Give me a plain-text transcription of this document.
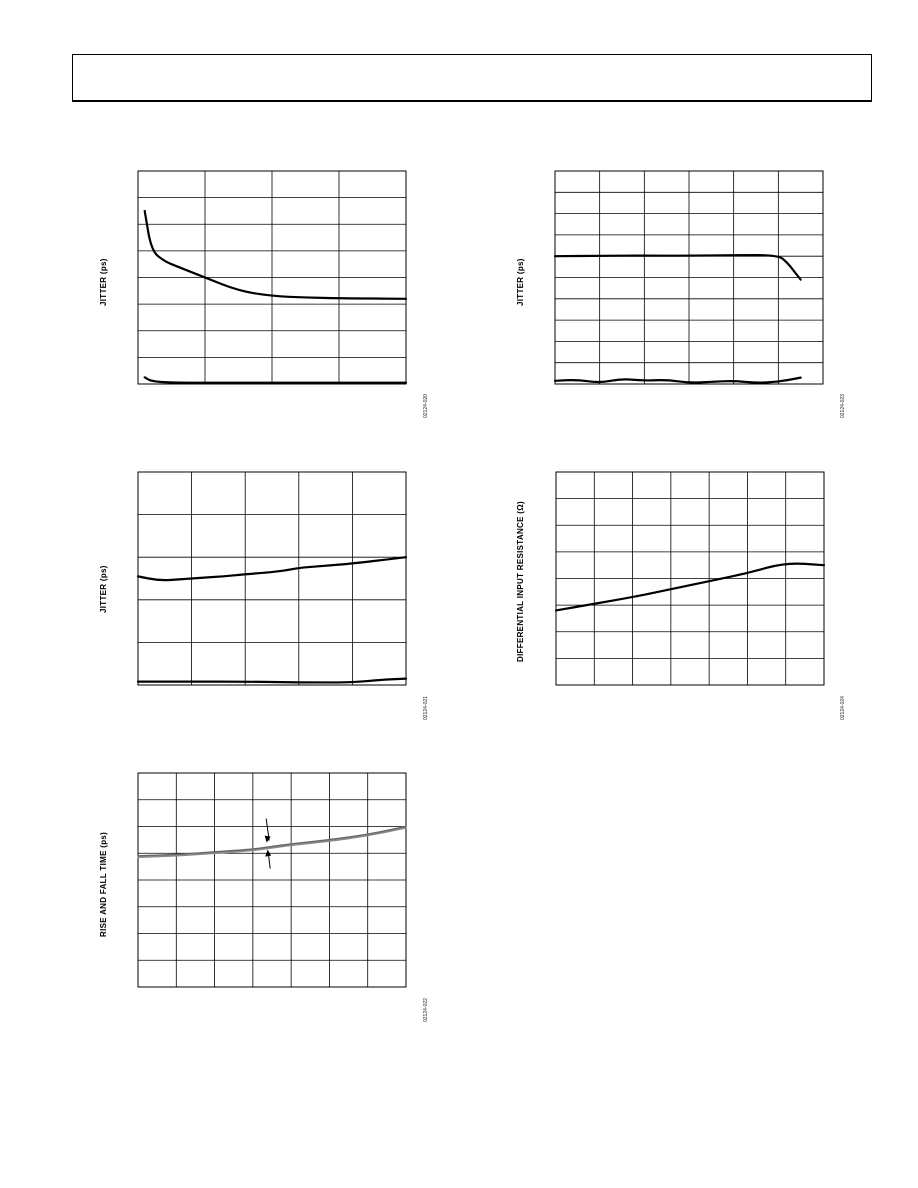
JITTER (ps)
02124-020
JITTER (ps)
02124-023
JITTER (ps)
02124-021
DIFFERENTIAL INPUT RESISTANCE (Ω)
02124-024
RISE AND FALL TIME (ps)
02124-022
